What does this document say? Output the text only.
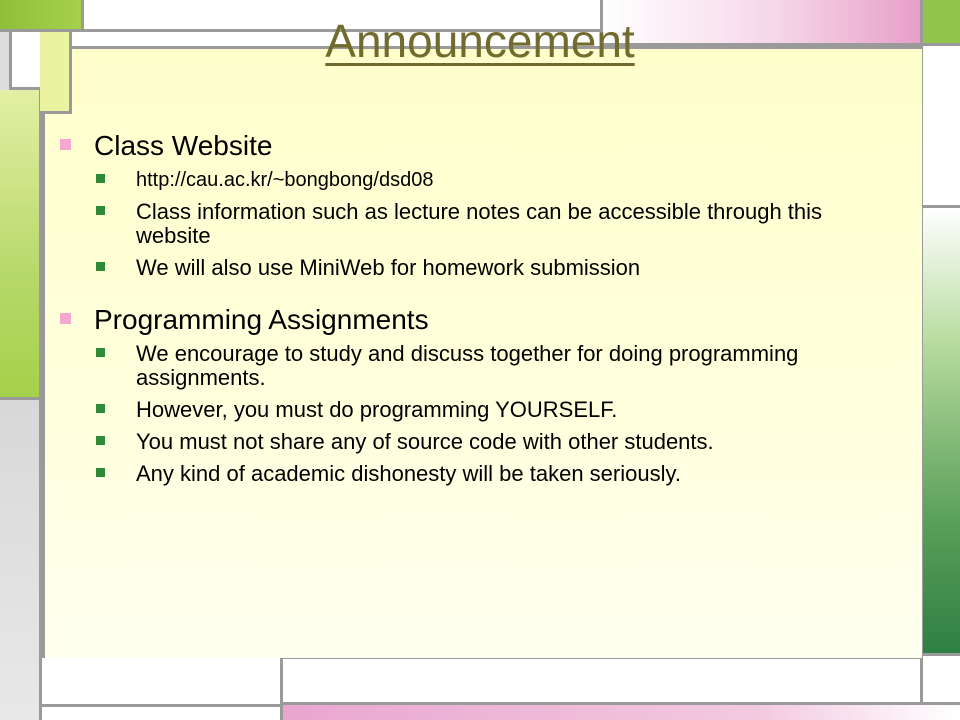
Announcement
Class Website
http://cau.ac.kr/~bongbong/dsd08
Class information such as lecture notes can be accessible through this website
We will also use MiniWeb for homework submission
Programming Assignments
We encourage to study and discuss together for doing programming assignments.
However, you must do programming YOURSELF.
You must not share any of source code with other students.
Any kind of academic dishonesty will be taken seriously.
